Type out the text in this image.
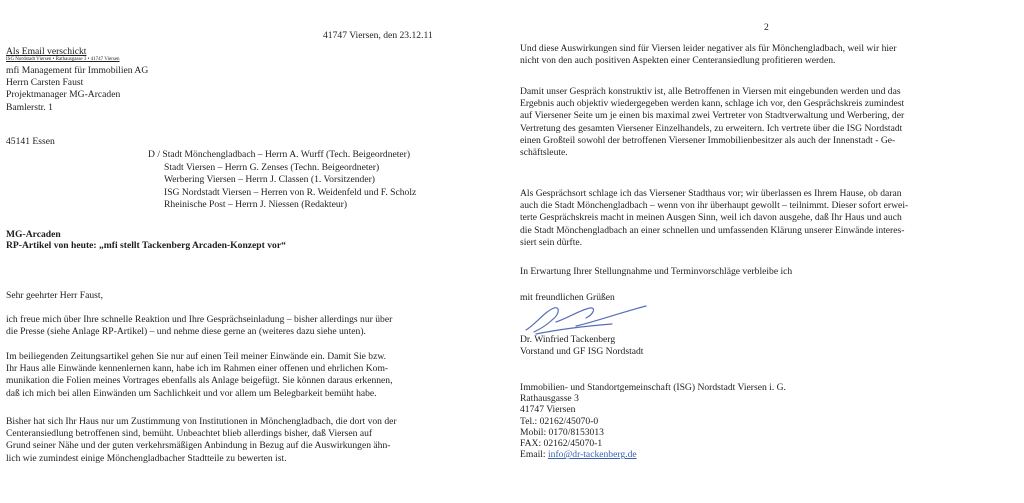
41747 Viersen, den 23.12.11
Als Email verschickt
ISG Nordstadt Viersen • Rathausgasse 3 • 41747 Viersen
mfi Management für Immobilien AG
Herrn Carsten Faust
Projektmanager MG-Arcaden
Bamlerstr. 1
45141 Essen
D / Stadt Mönchengladbach – Herrn A. Wurff (Tech. Beigeordneter)
Stadt Viersen – Herrn G. Zenses (Techn. Beigeordneter)
Werbering Viersen – Herrn J. Classen (1. Vorsitzender)
ISG Nordstadt Viersen – Herren von R. Weidenfeld und F. Scholz
Rheinische Post – Herrn J. Niessen (Redakteur)
MG-Arcaden
RP-Artikel von heute: „mfi stellt Tackenberg Arcaden-Konzept vor“
Sehr geehrter Herr Faust,
ich freue mich über Ihre schnelle Reaktion und Ihre Gesprächseinladung – bisher allerdings nur über
die Presse (siehe Anlage RP-Artikel) – und nehme diese gerne an (weiteres dazu siehe unten).
Im beiliegenden Zeitungsartikel gehen Sie nur auf einen Teil meiner Einwände ein. Damit Sie bzw.
Ihr Haus alle Einwände kennenlernen kann, habe ich im Rahmen einer offenen und ehrlichen Kom-
munikation die Folien meines Vortrages ebenfalls als Anlage beigefügt. Sie können daraus erkennen,
daß ich mich bei allen Einwänden um Sachlichkeit und vor allem um Belegbarkeit bemüht habe.
Bisher hat sich Ihr Haus nur um Zustimmung von Institutionen in Mönchengladbach, die dort von der
Centeransiedlung betroffenen sind, bemüht. Unbeachtet blieb allerdings bisher, daß Viersen auf
Grund seiner Nähe und der guten verkehrsmäßigen Anbindung in Bezug auf die Auswirkungen ähn-
lich wie zumindest einige Mönchengladbacher Stadtteile zu bewerten ist.
2
Und diese Auswirkungen sind für Viersen leider negativer als für Mönchengladbach, weil wir hier
nicht von den auch positiven Aspekten einer Centeransiedlung profitieren werden.
Damit unser Gespräch konstruktiv ist, alle Betroffenen in Viersen mit eingebunden werden und das
Ergebnis auch objektiv wiedergegeben werden kann, schlage ich vor, den Gesprächskreis zumindest
auf Viersener Seite um je einen bis maximal zwei Vertreter von Stadtverwaltung und Werbering, der
Vertretung des gesamten Viersener Einzelhandels, zu erweitern. Ich vertrete über die ISG Nordstadt
einen Großteil sowohl der betroffenen Viersener Immobilienbesitzer als auch der Innenstadt - Ge-
schäftsleute.
Als Gesprächsort schlage ich das Viersener Stadthaus vor; wir überlassen es Ihrem Hause, ob daran
auch die Stadt Mönchengladbach – wenn von ihr überhaupt gewollt – teilnimmt. Dieser sofort erwei-
terte Gesprächskreis macht in meinen Ausgen Sinn, weil ich davon ausgehe, daß Ihr Haus und auch
die Stadt Mönchengladbach an einer schnellen und umfassenden Klärung unserer Einwände interes-
siert sein dürfte.
In Erwartung Ihrer Stellungnahme und Terminvorschläge verbleibe ich
mit freundlichen Grüßen
Dr. Winfried Tackenberg
Vorstand und GF ISG Nordstadt
Immobilien- und Standortgemeinschaft (ISG) Nordstadt Viersen i. G.
Rathausgasse 3
41747 Viersen
Tel.: 02162/45070-0
Mobil: 0170/8153013
FAX: 02162/45070-1
Email: info@dr-tackenberg.de
